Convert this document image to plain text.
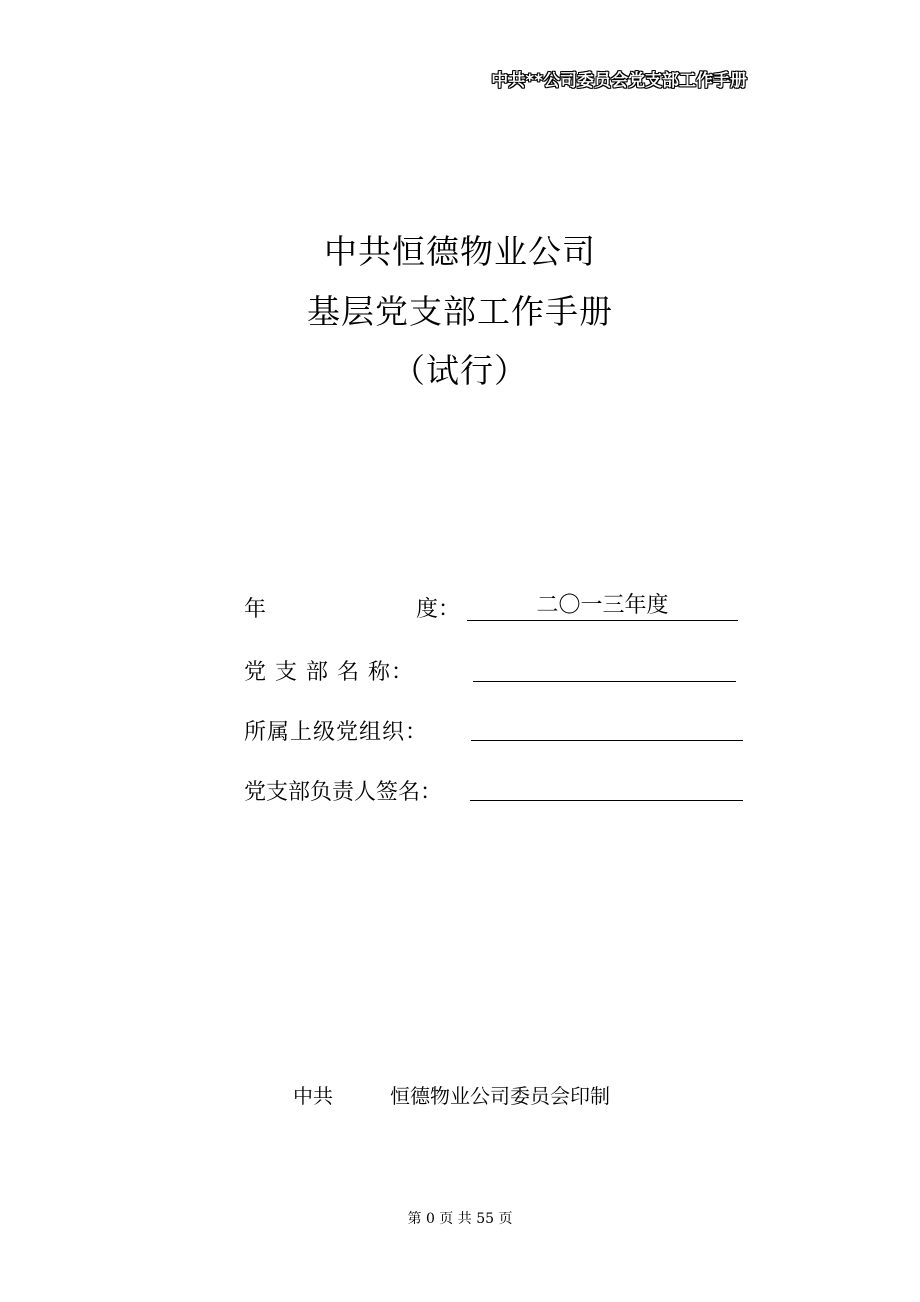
中共**公司委员会党支部工作手册
中共恒德物业公司
基层党支部工作手册
（试行）
年	度：	二〇一三年度
党 支 部 名 称：
所属上级党组织：
党支部负责人签名：
中共	恒德物业公司委员会印制
第 0 页 共 55 页
